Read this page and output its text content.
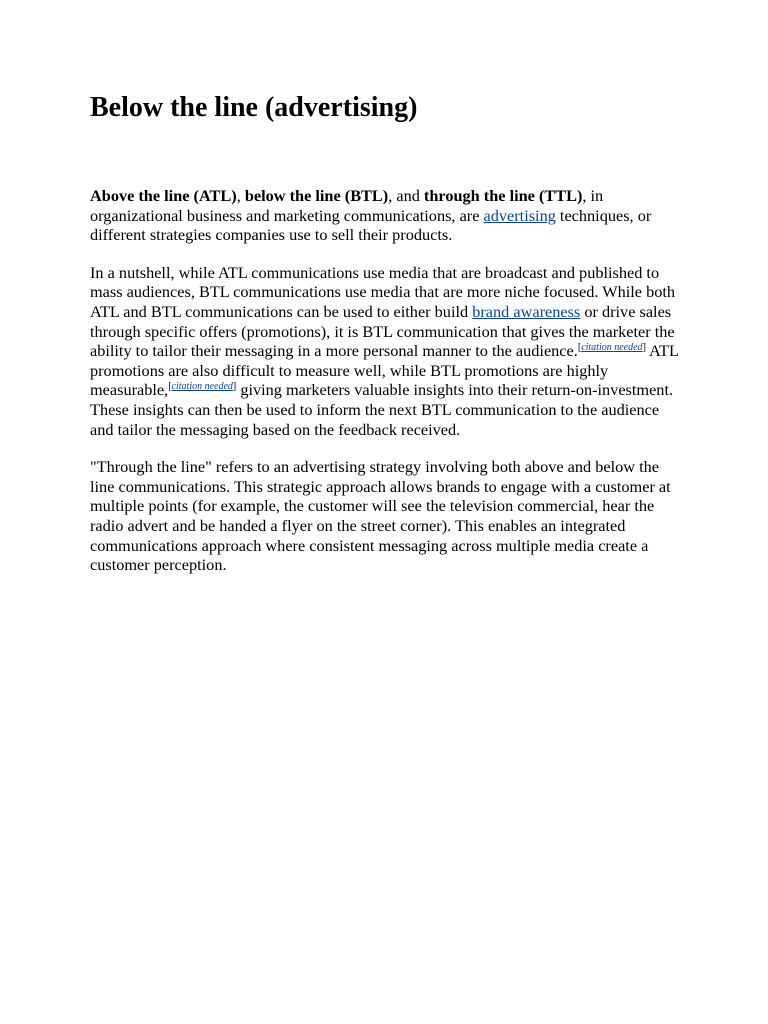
Below the line (advertising)

Above the line (ATL), below the line (BTL), and through the line (TTL), in organizational business and marketing communications, are advertising techniques, or different strategies companies use to sell their products.

In a nutshell, while ATL communications use media that are broadcast and published to mass audiences, BTL communications use media that are more niche focused. While both ATL and BTL communications can be used to either build brand awareness or drive sales through specific offers (promotions), it is BTL communication that gives the marketer the ability to tailor their messaging in a more personal manner to the audience.[citation needed] ATL promotions are also difficult to measure well, while BTL promotions are highly measurable,[citation needed] giving marketers valuable insights into their return-on-investment. These insights can then be used to inform the next BTL communication to the audience and tailor the messaging based on the feedback received.

"Through the line" refers to an advertising strategy involving both above and below the line communications. This strategic approach allows brands to engage with a customer at multiple points (for example, the customer will see the television commercial, hear the radio advert and be handed a flyer on the street corner). This enables an integrated communications approach where consistent messaging across multiple media create a customer perception.
